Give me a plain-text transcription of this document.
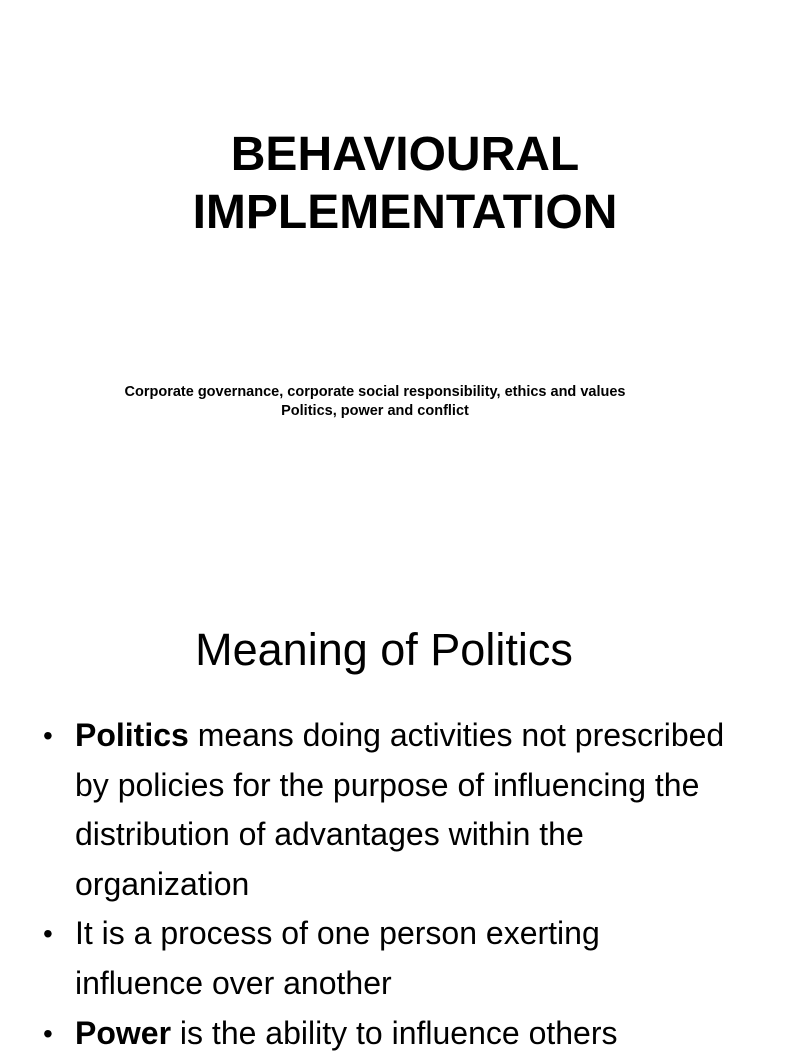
BEHAVIOURAL
IMPLEMENTATION
Corporate governance, corporate social responsibility, ethics and values
Politics, power and conflict
Meaning of Politics
• Politics means doing activities not prescribed by policies for the purpose of influencing the distribution of advantages within the organization
• It is a process of one person exerting influence over another
• Power is the ability to influence others
